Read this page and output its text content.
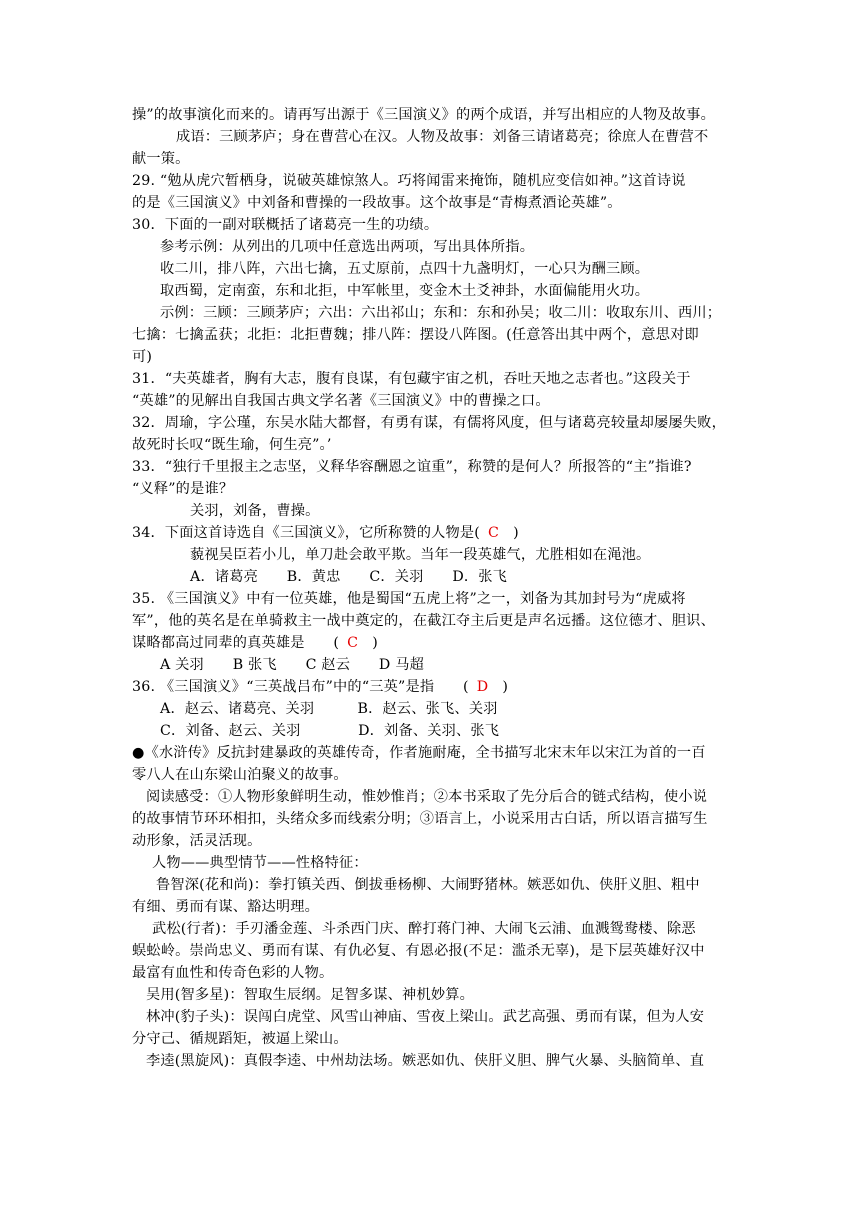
操”的故事演化而来的。请再写出源于《三国演义》的两个成语，并写出相应的人物及故事。
成语：三顾茅庐；身在曹营心在汉。人物及故事：刘备三请诸葛亮；徐庶人在曹营不
献一策。
29. “勉从虎穴暂栖身，说破英雄惊煞人。巧将闻雷来掩饰，随机应变信如神。”这首诗说
的是《三国演义》中刘备和曹操的一段故事。这个故事是“青梅煮酒论英雄”。
30．下面的一副对联概括了诸葛亮一生的功绩。
参考示例：从列出的几项中任意选出两项，写出具体所指。
收二川，排八阵，六出七擒，五丈原前，点四十九盏明灯，一心只为酬三顾。
取西蜀，定南蛮，东和北拒，中军帐里，变金木土爻神卦，水面偏能用火功。
示例：三顾：三顾茅庐；六出：六出祁山；东和：东和孙吴；收二川：收取东川、西川；
七擒：七擒孟获；北拒：北拒曹魏；排八阵：摆设八阵图。(任意答出其中两个，意思对即
可)
31．“夫英雄者，胸有大志，腹有良谋，有包藏宇宙之机，吞吐天地之志者也。”这段关于
“英雄”的见解出自我国古典文学名著《三国演义》中的曹操之口。
32．周瑜，字公瑾，东吴水陆大都督，有勇有谋，有儒将风度，但与诸葛亮较量却屡屡失败，
故死时长叹“既生瑜，何生亮”。’
33．“独行千里报主之志坚，义释华容酬恩之谊重”，称赞的是何人？所报答的“主”指谁?
“义释”的是谁？
关羽，刘备，曹操。
34．下面这首诗选自《三国演义》，它所称赞的人物是( C )
藐视吴臣若小儿，单刀赴会敢平欺。当年一段英雄气，尤胜相如在渑池。
A．诸葛亮　　B．黄忠　　C．关羽　　D．张飞
35. 《三国演义》中有一位英雄，他是蜀国“五虎上将”之一，刘备为其加封号为“虎威将
军”，他的英名是在单骑救主一战中奠定的，在截江夺主后更是声名远播。这位德才、胆识、
谋略都高过同辈的真英雄是　　( C )
A 关羽　　B 张飞　　C 赵云　　D 马超
36. 《三国演义》“三英战吕布”中的“三英”是指　　( D )
A．赵云、诸葛亮、关羽　　　B．赵云、张飞、关羽
C．刘备、赵云、关羽　　　　D．刘备、关羽、张飞
●《水浒传》反抗封建暴政的英雄传奇，作者施耐庵，全书描写北宋末年以宋江为首的一百
零八人在山东梁山泊聚义的故事。
阅读感受：①人物形象鲜明生动，惟妙惟肖；②本书采取了先分后合的链式结构，使小说
的故事情节环环相扣，头绪众多而线索分明；③语言上，小说采用古白话，所以语言描写生
动形象，活灵活现。
人物——典型情节——性格特征：
鲁智深(花和尚)：拳打镇关西、倒拔垂杨柳、大闹野猪林。嫉恶如仇、侠肝义胆、粗中
有细、勇而有谋、豁达明理。
武松(行者)：手刃潘金莲、斗杀西门庆、醉打蒋门神、大闹飞云浦、血溅鸳鸯楼、除恶
蜈蚣岭。崇尚忠义、勇而有谋、有仇必复、有恩必报(不足：滥杀无辜)，是下层英雄好汉中
最富有血性和传奇色彩的人物。
吴用(智多星)：智取生辰纲。足智多谋、神机妙算。
林冲(豹子头)：误闯白虎堂、风雪山神庙、雪夜上梁山。武艺高强、勇而有谋，但为人安
分守己、循规蹈矩，被逼上梁山。
李逵(黑旋风)：真假李逵、中州劫法场。嫉恶如仇、侠肝义胆、脾气火暴、头脑简单、直
